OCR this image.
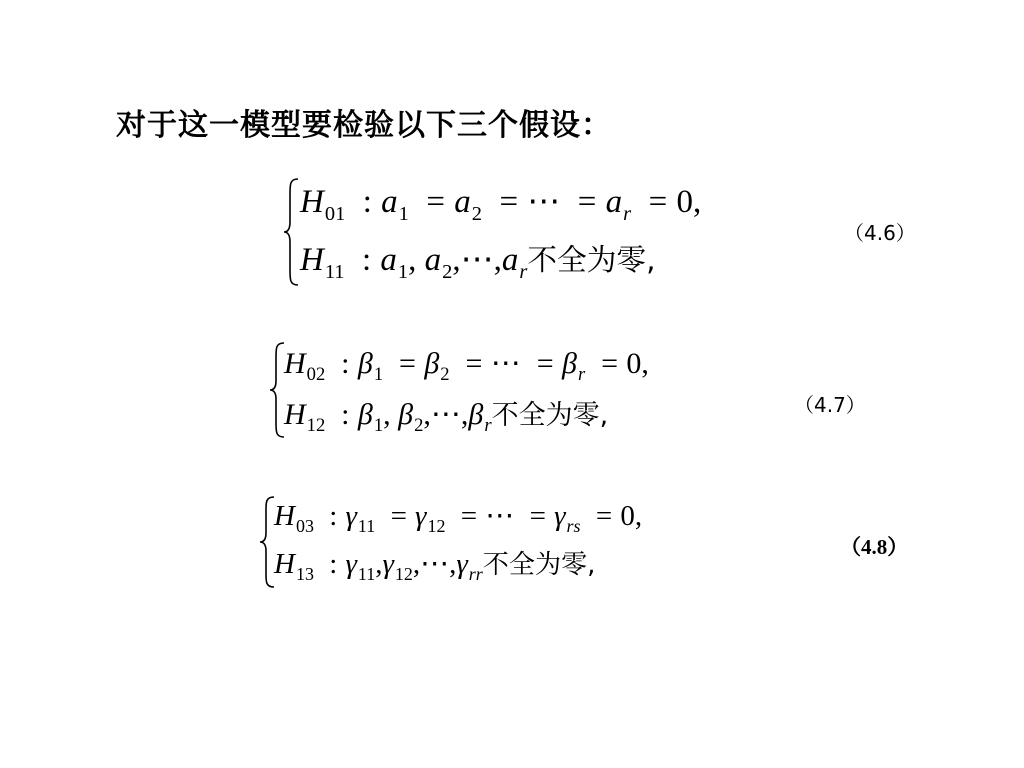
对于这一模型要检验以下三个假设：
$H_{01}$ : $a_1 = a_2$ = ⋯ = $a_r = 0$,
$H_{11}$ : $a_1$, $a_2,\cdots,a_r$不全为零,
（4.6）
$H_{02}$ : $\beta_1 = \beta_2$ = ⋯ = $\beta_r = 0$,
$H_{12}$ : $\beta_1$, $\beta_2,\cdots,\beta_r$不全为零,	（4.7）
$H_{03}$ : $\gamma_{11} = \gamma_{12}$ = ⋯ = $\gamma_{rs} = 0$,
$H_{13}$ : $\gamma_{11},\gamma_{12},\cdots,\gamma_{rr}$不全为零,
（4.8）
